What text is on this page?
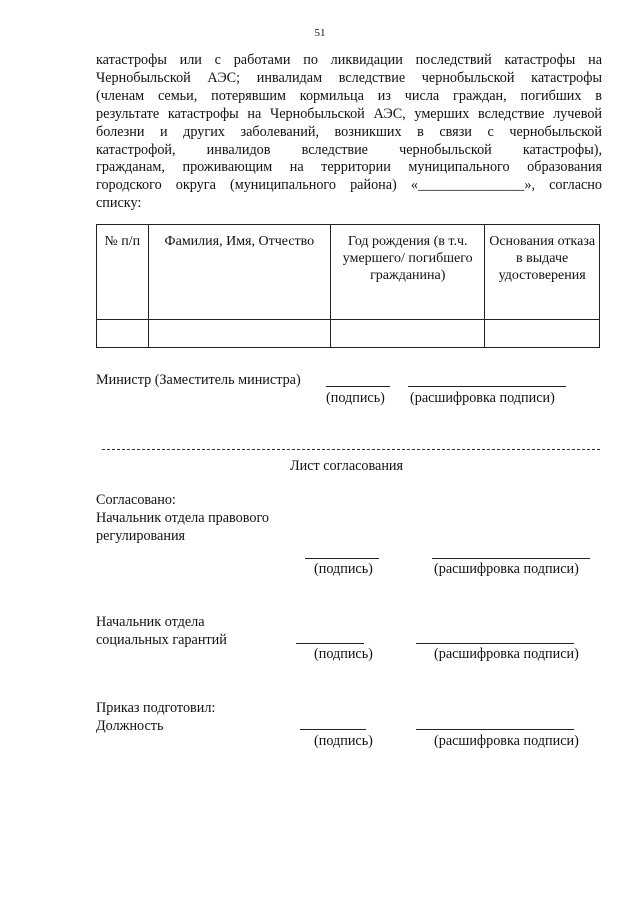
51
катастрофы или с работами по ликвидации последствий катастрофы на
Чернобыльской АЭС; инвалидам вследствие чернобыльской катастрофы
(членам семьи, потерявшим кормильца из числа граждан, погибших в
результате катастрофы на Чернобыльской АЭС, умерших вследствие лучевой
болезни и других заболеваний, возникших в связи с чернобыльской
катастрофой, инвалидов вследствие чернобыльской катастрофы),
гражданам, проживающим на территории муниципального образования
городского округа (муниципального района) «_______________», согласно
списку:
№ п/п	Фамилия, Имя, Отчество	Год рождения (в т.ч. умершего/ погибшего гражданина)	Основания отказа в выдаче удостоверения

Министр (Заместитель министра)
(подпись) (расшифровка подписи)
Лист согласования
Согласовано:
Начальник отдела правового
регулирования
(подпись)	(расшифровка подписи)
Начальник отдела
социальных гарантий
(подпись)	(расшифровка подписи)
Приказ подготовил:
Должность
(подпись)	(расшифровка подписи)
